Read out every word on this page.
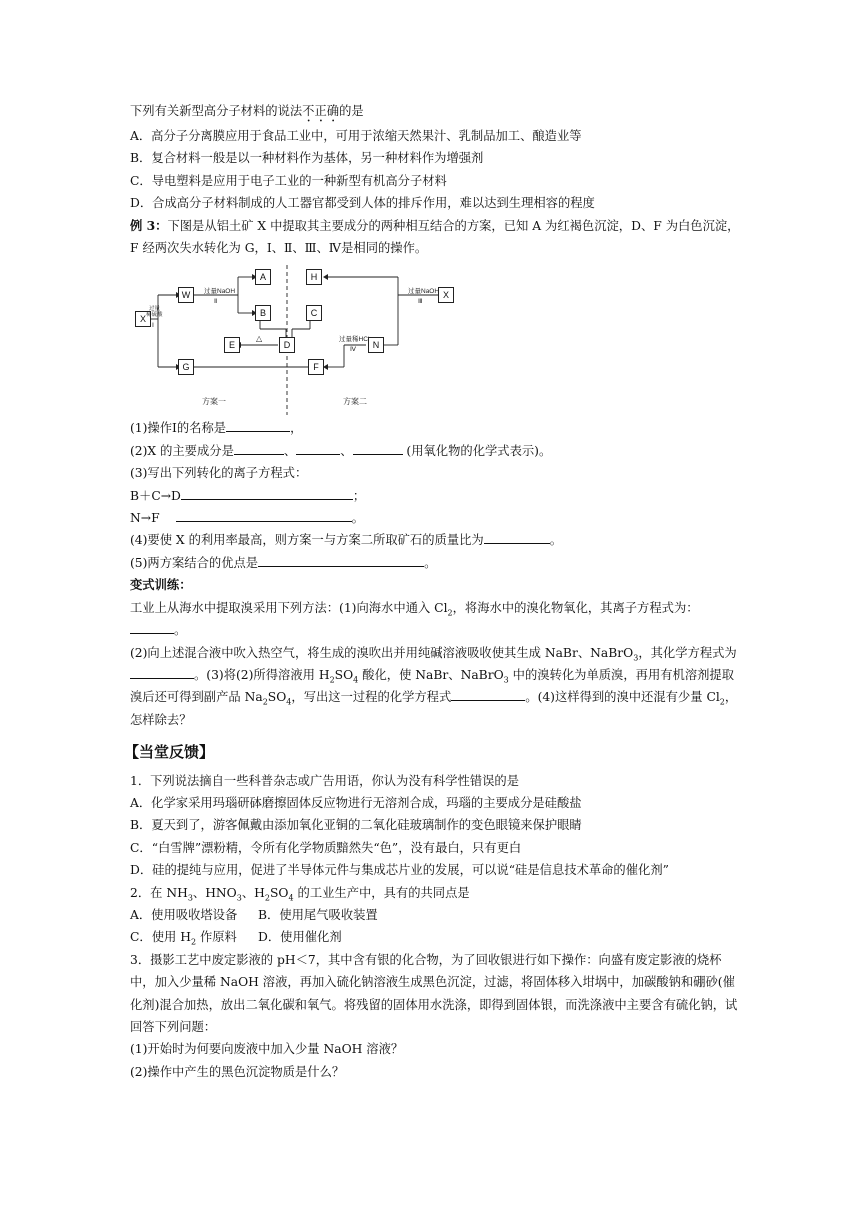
下列有关新型高分子材料的说法不正确的是
A．高分子分离膜应用于食品工业中，可用于浓缩天然果汁、乳制品加工、酿造业等
B．复合材料一般是以一种材料作为基体，另一种材料作为增强剂
C．导电塑料是应用于电子工业的一种新型有机高分子材料
D．合成高分子材料制成的人工器官都受到人体的排斥作用，难以达到生理相容的程度
例 3：下图是从铝土矿 X 中提取其主要成分的两种相互结合的方案，已知 A 为红褐色沉淀，D、F 为白色沉淀，F 经两次失水转化为 G，Ⅰ、Ⅱ、Ⅲ、Ⅳ是相同的操作。
X
W
A
B
E	D
G
H
C
F
N
X
过量
稀硫酸
Ⅰ
过量NaOH
Ⅱ
过量NaOH
Ⅲ
过量稀HCl
Ⅳ
△
方案一	方案二
(1)操作Ⅰ的名称是	，
(2)X 的主要成分是	、	、	(用氧化物的化学式表示)。
(3)写出下列转化的离子方程式：
B＋C→D	；
N→F	。
(4)要使 X 的利用率最高，则方案一与方案二所取矿石的质量比为	。
(5)两方案结合的优点是	。
变式训练：
工业上从海水中提取溴采用下列方法：(1)向海水中通入 $Cl_2$，将海水中的溴化物氧化，其离子方程式为：。
(2)向上述混合液中吹入热空气，将生成的溴吹出并用纯碱溶液吸收使其生成 NaBr、NaBrO$_3$，其化学方程式为。(3)将(2)所得溶液用 $H_2SO_4$ 酸化，使 NaBr、NaBrO$_3$ 中的溴转化为单质溴，再用有机溶剂提取溴后还可得到副产品 $Na_2SO_4$，写出这一过程的化学方程式	。(4)这样得到的溴中还混有少量 $Cl_2$，怎样除去？
【当堂反馈】
1．下列说法摘自一些科普杂志或广告用语，你认为没有科学性错误的是
A．化学家采用玛瑙研砵磨擦固体反应物进行无溶剂合成，玛瑙的主要成分是硅酸盐
B．夏天到了，游客佩戴由添加氧化亚铜的二氧化硅玻璃制作的变色眼镜来保护眼睛
C．“白雪牌”漂粉精，令所有化学物质黯然失“色”，没有最白，只有更白
D．硅的提纯与应用，促进了半导体元件与集成芯片业的发展，可以说“硅是信息技术革命的催化剂”
2．在 $NH_3$、$HNO_3$、$H_2SO_4$ 的工业生产中，具有的共同点是
A．使用吸收塔设备 B．使用尾气吸收装置
C．使用 $H_2$ 作原料 D．使用催化剂
3．摄影工艺中废定影液的 pH＜7，其中含有银的化合物，为了回收银进行如下操作：向盛有废定影液的烧杯中，加入少量稀 NaOH 溶液，再加入硫化钠溶液生成黑色沉淀，过滤，将固体移入坩埚中，加碳酸钠和硼砂(催化剂)混合加热，放出二氧化碳和氧气。将残留的固体用水洗涤，即得到固体银，而洗涤液中主要含有硫化钠，试回答下列问题：
(1)开始时为何要向废液中加入少量 NaOH 溶液？
(2)操作中产生的黑色沉淀物质是什么？
